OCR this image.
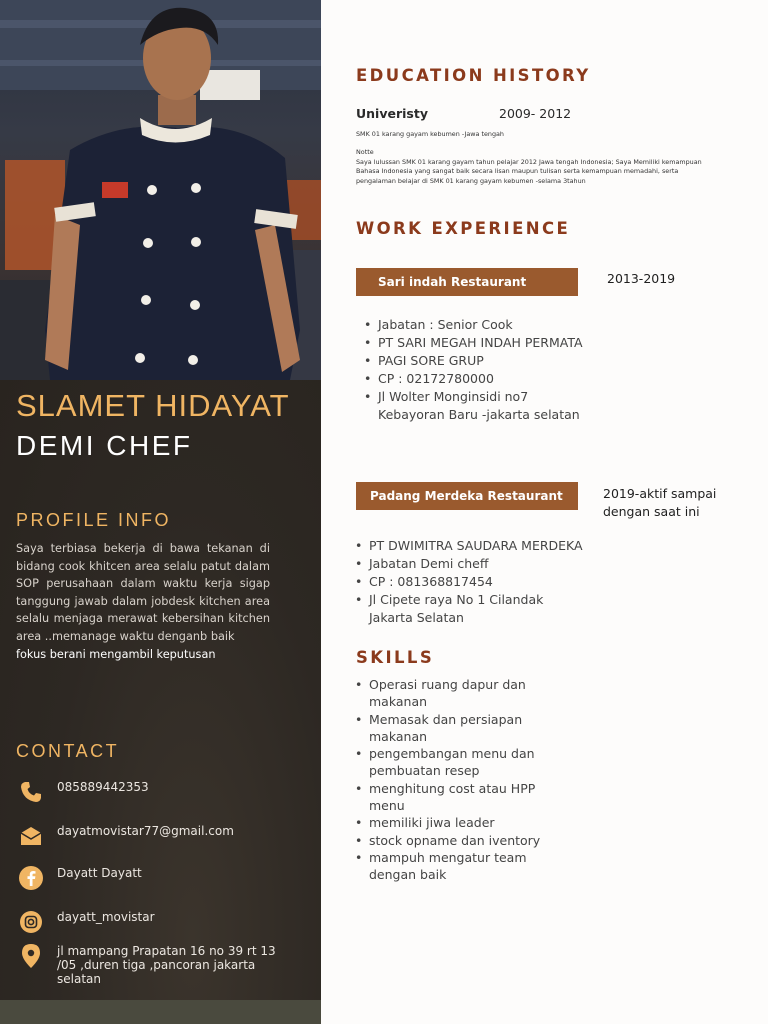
SLAMET HIDAYAT
DEMI CHEF
PROFILE INFO
Saya terbiasa bekerja di bawa tekanan di bidang cook khitcen area selalu patut dalam SOP perusahaan dalam waktu kerja sigap tanggung jawab dalam jobdesk kitchen area selalu menjaga merawat kebersihan kitchen area ..memanage waktu denganb baik
fokus berani mengambil keputusan
CONTACT
085889442353
dayatmovistar77@gmail.com
Dayatt Dayatt
dayatt_movistar
jl mampang Prapatan 16 no 39 rt 13 /05 ,duren tiga ,pancoran jakarta selatan
EDUCATION HISTORY
Univeristy	2009- 2012
SMK 01 karang gayam kebumen -Jawa tengah
Notte
Saya lulussan SMK 01 karang gayam tahun pelajar 2012 Jawa tengah Indonesia; Saya Memiliki kemampuan Bahasa Indonesia yang sangat baik secara lisan maupun tulisan serta kemampuan memadahi, serta pengalaman belajar di SMK 01 karang gayam kebumen -selama 3tahun
WORK EXPERIENCE
Sari indah Restaurant	2013-2019
• Jabatan : Senior Cook
• PT SARI MEGAH INDAH PERMATA
• PAGI SORE GRUP
• CP : 02172780000
• Jl Wolter Monginsidi no7
Kebayoran Baru -jakarta selatan
Padang Merdeka Restaurant	2019-aktif sampai dengan saat ini
• PT DWIMITRA SAUDARA MERDEKA
• Jabatan Demi cheff
• CP : 081368817454
• Jl Cipete raya No 1 Cilandak Jakarta Selatan
SKILLS
• Operasi ruang dapur dan makanan
• Memasak dan persiapan makanan
• pengembangan menu dan pembuatan resep
• menghitung cost atau HPP menu
• memiliki jiwa leader
• stock opname dan iventory
• mampuh mengatur team dengan baik
